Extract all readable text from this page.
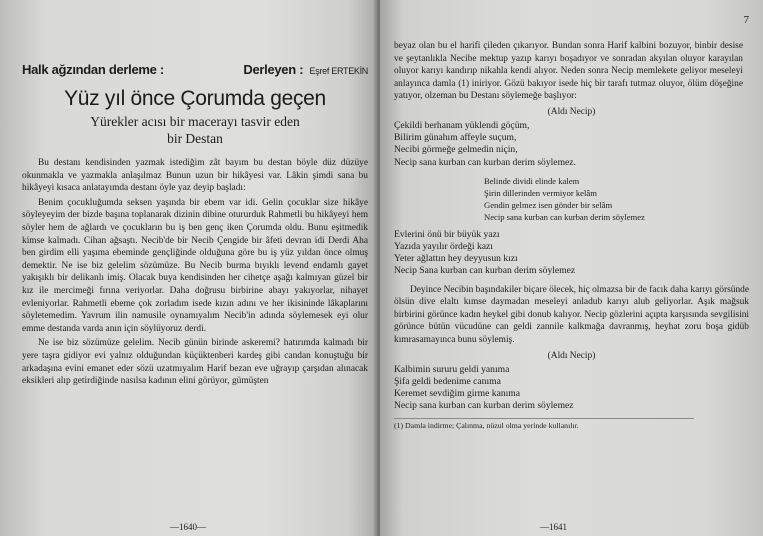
Halk ağzından derleme :	Derleyen : Eşref ERTEKİN
Yüz yıl önce Çorumda geçen
Yürekler acısı bir macerayı tasvir eden
bir Destan

Bu destanı kendisinden yazmak istediğim zât bayım bu destan böyle düz düzüye okunmakla ve yazmakla anlaşılmaz Bunun uzun bir hikâyesi var. Lâkin şimdi sana bu hikâyeyi kısaca anlatayımda destanı öyle yaz deyip başladı:

Benim çocukluğumda seksen yaşında bir ebem var idi. Gelin çocuklar size hikâye söyleyeyim der bizde başına toplanarak dizinin dibine otururduk Rahmetli bu hikâyeyi hem söyler hem de ağlardı ve çocukların bu iş ben genç iken Çorumda oldu. Bunu eşitmedik kimse kalmadı. Cihan ağsaştı. Necib'de bir Necib Çengide bir âfeti devran idi Derdi Aha ben girdim elli yaşıma ebeminde gençliğinde olduğuna göre bu iş yüz yıldan önce olmuş demektir. Ne ise biz gelelim sözümüze. Bu Necib burma bıyıklı levend endamlı gayet yakışıklı bir delikanlı imiş. Olacak buya kendisinden her cihetçe aşağı kalmıyan güzel bir kız ile mercimeği fırına veriyorlar. Daha doğrusu birbirine abayı yakıyorlar, nihayet evleniyorlar. Rahmetli ebeme çok zorladım isede kızın adını ve her ikisininde lâkaplarını söyletemedim. Yavrum ilin namusile oynamıyalım Necib'in adında söylemesek eyi olur emme destanda varda anın için söylüyoruz derdi.

Ne ise biz sözümüze gelelim. Necib günün birinde askeremi? hatırımda kalmadı bir yere taşra gidiyor evi yalnız olduğundan küçüktenberi kardeş gibi candan konuştuğu bir arkadaşına evini emanet eder sözü uzatmıyalım Harif bezan eve uğrayıp çarşıdan alınacak eksikleri alıp getirdiğinde nasılsa kadının elini görüyor, gümüşten

—1640—
7

beyaz olan bu el harifi çileden çıkarıyor. Bundan sonra Harif kalbini bozuyor, binbir desise ve şeytanlıkla Necibe mektup yazıp karıyı boşadıyor ve sonradan akyılan oluyor karayılan oluyor karıyı kandırıp nikahla kendi alıyor. Neden sonra Necip memlekete geliyor meseleyi anlayınca damla (1) iniriyor. Gözü bakıyor isede hiç bir tarafı tutmaz oluyor, ölüm döşeğine yatıyor, olzeman bu Destanı söylemeğe başlıyor:

(Aldı Necip)
Çekildi berhanam yüklendi göçüm,
Bilirim günahım affeyle suçum,
Necibi görmeğe gelmedin niçin,
Necip sana kurban can kurban derim söylemez.
Belinde dividi elinde kalem
Şirin dillerinden vermiyor kelâm
Gendin gelmez isen gönder bir selâm
Necip sana kurban can kurban derim söylemez
Evlerini önü bir büyük yazı
Yazıda yayılır ördeği kazı
Yeter ağlattın hey deyyusun kızı
Necip Sana kurban can kurban derim söylemez

Deyince Necibin başındakiler biçare ölecek, hiç olmazsa bir de facık daha karıyı görsünde ölsün dive elaltı kımse daymadan meseleyi anladub karıyı alub geliyorlar. Aşık mağsuk birbirini görünce kadın heykel gibi donub kalıyor. Necip gözlerini açıpta karşısında sevgilisini görünce bütün vücudüne can geldi zannile kalkmağa davranmış, heyhat zoru boşa gidüb kımrasamayınca bunu söylemiş.

(Aldı Necip)
Kalbimin sururu geldi yanıma
Şifa geldi bedenime canıma
Keremet sevdiğim girme kanıma
Necip sana kurban can kurban derim söylemez
(1) Damla indirme; Çalınma, nüzul olma yerinde kullanılır.
—1641
